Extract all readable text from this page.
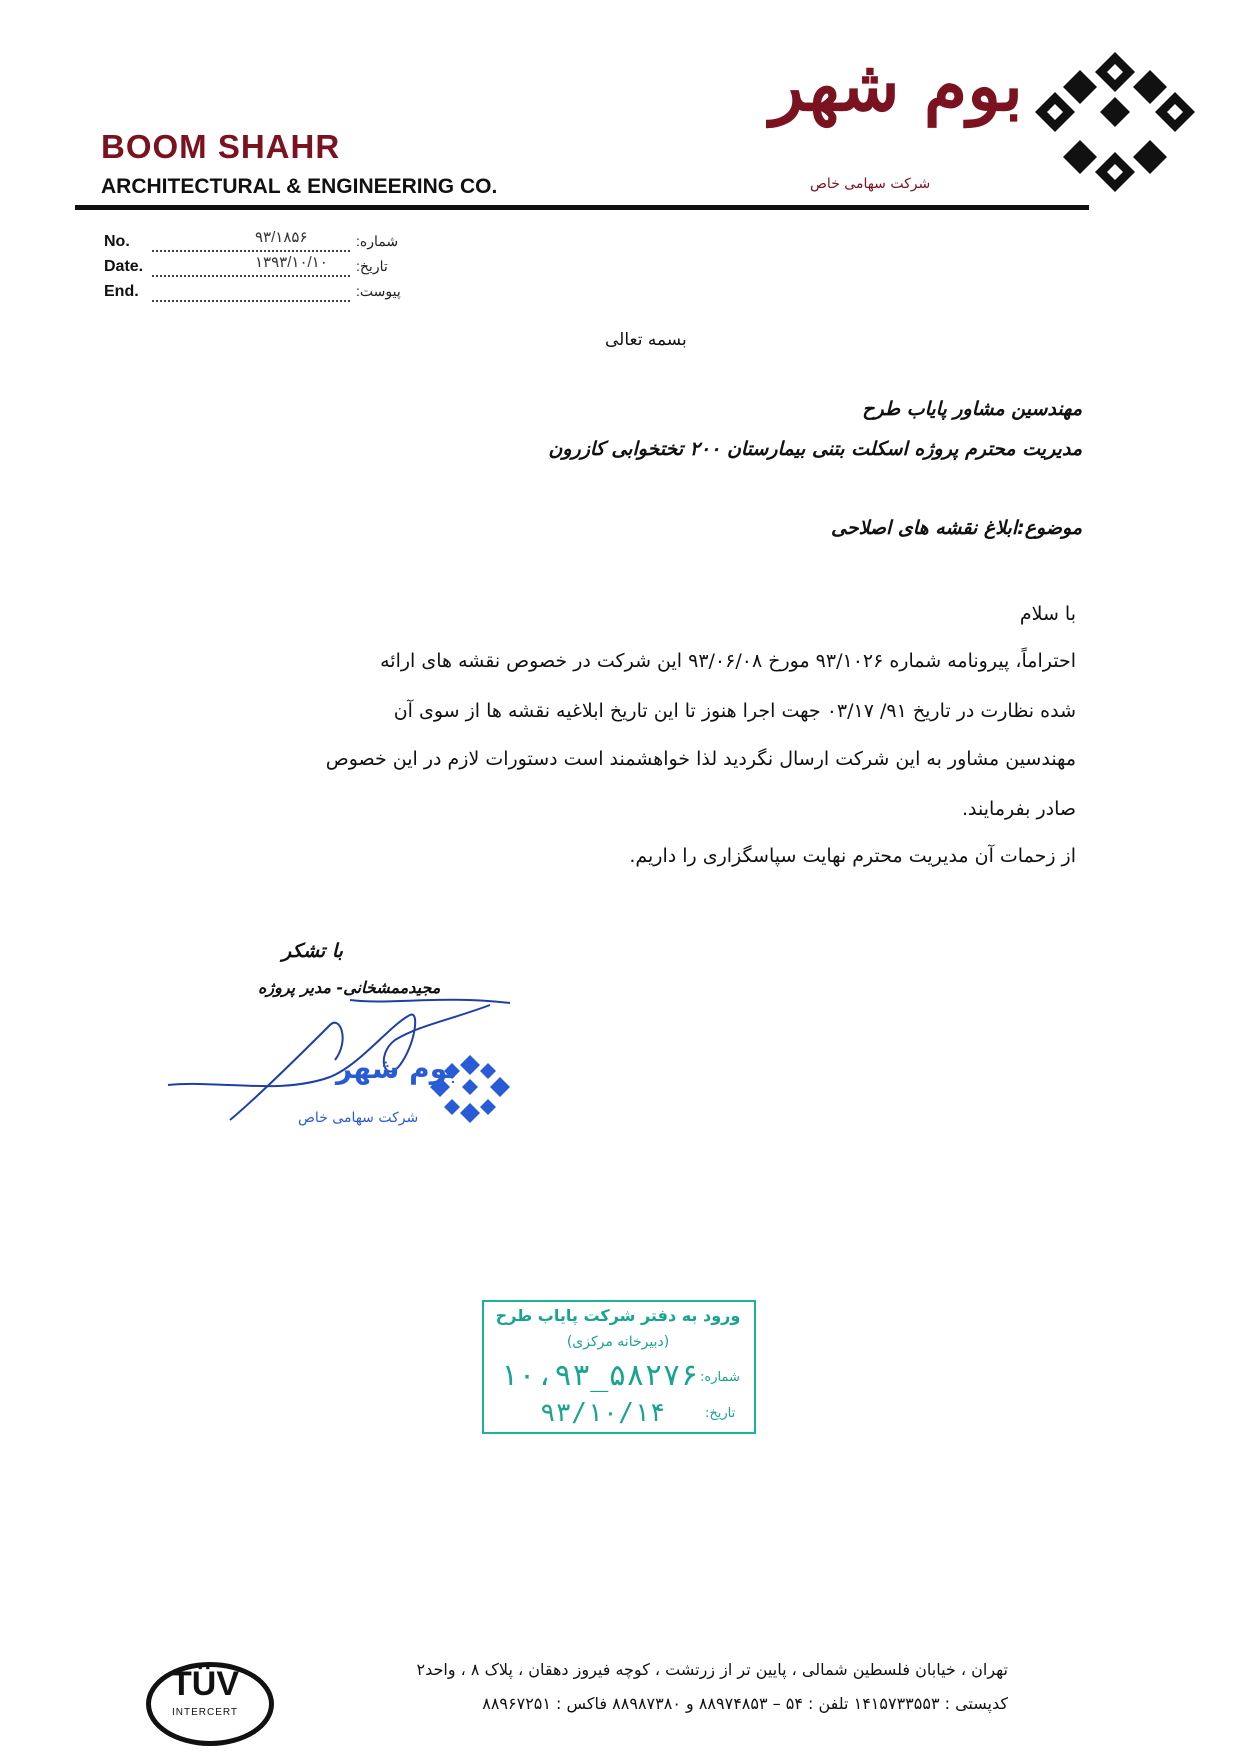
BOOM SHAHR
ARCHITECTURAL & ENGINEERING CO.
بوم شهر
شرکت سهامی خاص
No.	۹۳/۱۸۵۶	شماره:
Date.	۱۳۹۳/۱۰/۱۰ تاریخ:
End.	پیوست:
بسمه تعالی
مهندسین مشاور پایاب طرح
مدیریت محترم پروژه اسکلت بتنی بیمارستان ۲۰۰ تختخوابی کازرون
موضوع:ابلاغ نقشه های اصلاحی
با سلام
احتراماً، پیرونامه شماره ۹۳/۱۰۲۶ مورخ ۹۳/۰۶/۰۸ این شرکت در خصوص نقشه های ارائه
شده نظارت در تاریخ ۹۱/ ۰۳/۱۷ جهت اجرا هنوز تا این تاریخ ابلاغیه نقشه ها از سوی آن
مهندسین مشاور به این شرکت ارسال نگردید لذا خواهشمند است دستورات لازم در این خصوص
صادر بفرمایند.
از زحمات آن مدیریت محترم نهایت سپاسگزاری را داریم.
با تشکر
مجیدممشخانی- مدیر پروژه
بوم شهر
شرکت سهامی خاص
ورود به دفتر شرکت پایاب طرح
(دبیرخانه مرکزی)
شماره:
۱۰،۹۳_۵۸۲۷۶
تاریخ:
۹۳/۱۰/۱۴
تهران ، خیابان فلسطین شمالی ، پایین تر از زرتشت ، کوچه فیروز دهقان ، پلاک ۸ ، واحد۲
کدپستی : ۱۴۱۵۷۳۳۵۵۳ تلفن : ۵۴ – ۸۸۹۷۴۸۵۳ و ۸۸۹۸۷۳۸۰ فاکس : ۸۸۹۶۷۲۵۱
TÜV
INTERCERT
